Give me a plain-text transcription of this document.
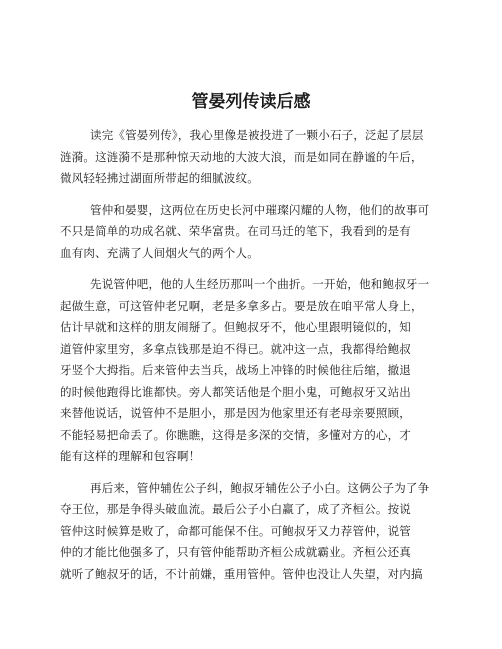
管晏列传读后感
读完《管晏列传》，我心里像是被投进了一颗小石子，泛起了层层
涟漪。这涟漪不是那种惊天动地的大波大浪，而是如同在静谧的午后，
微风轻轻拂过湖面所带起的细腻波纹。
管仲和晏婴，这两位在历史长河中璀璨闪耀的人物，他们的故事可
不只是简单的功成名就、荣华富贵。在司马迁的笔下，我看到的是有
血有肉、充满了人间烟火气的两个人。
先说管仲吧，他的人生经历那叫一个曲折。一开始，他和鲍叔牙一
起做生意，可这管仲老兄啊，老是多拿多占。要是放在咱平常人身上，
估计早就和这样的朋友闹掰了。但鲍叔牙不，他心里跟明镜似的，知
道管仲家里穷，多拿点钱那是迫不得已。就冲这一点，我都得给鲍叔
牙竖个大拇指。后来管仲去当兵，战场上冲锋的时候他往后缩，撤退
的时候他跑得比谁都快。旁人都笑话他是个胆小鬼，可鲍叔牙又站出
来替他说话，说管仲不是胆小，那是因为他家里还有老母亲要照顾，
不能轻易把命丢了。你瞧瞧，这得是多深的交情，多懂对方的心，才
能有这样的理解和包容啊！
再后来，管仲辅佐公子纠，鲍叔牙辅佐公子小白。这俩公子为了争
夺王位，那是争得头破血流。最后公子小白赢了，成了齐桓公。按说
管仲这时候算是败了，命都可能保不住。可鲍叔牙又力荐管仲，说管
仲的才能比他强多了，只有管仲能帮助齐桓公成就霸业。齐桓公还真
就听了鲍叔牙的话，不计前嫌，重用管仲。管仲也没让人失望，对内搞
